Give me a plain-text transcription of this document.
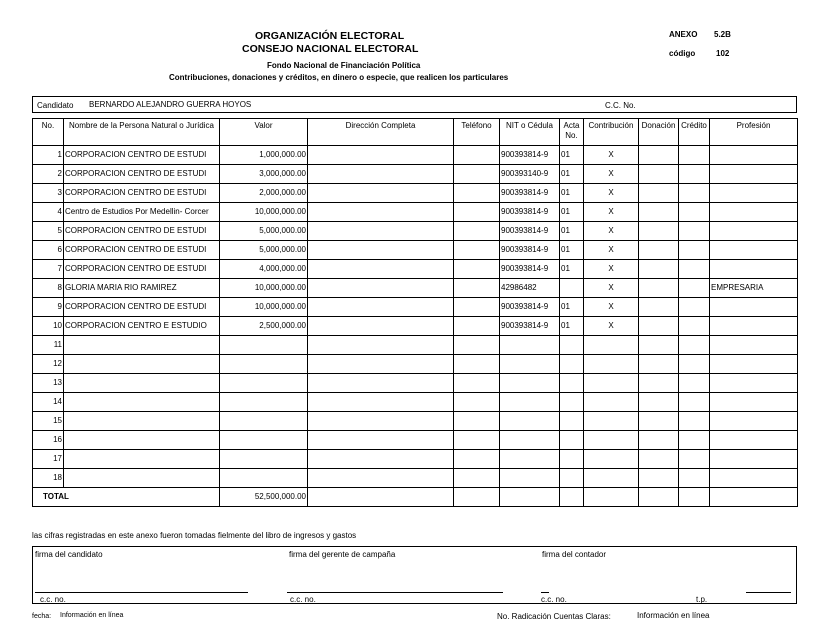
ORGANIZACIÓN ELECTORAL
CONSEJO NACIONAL ELECTORAL
Fondo Nacional de Financiación Política
Contribuciones, donaciones y créditos, en dinero o especie, que realicen los particulares
ANEXO 5.2B
código	102
Candidato BERNARDO ALEJANDRO GUERRA HOYOS	C.C. No.
No.	Nombre de la Persona Natural o Jurídica	Valor	Dirección Completa	Teléfono	NIT o Cédula	Acta No.	Contribución	Donación	Crédito	Profesión
1	CORPORACION CENTRO DE ESTUDI	1,000,000.00			900393814-9	01	X			
2	CORPORACION CENTRO DE ESTUDI	3,000,000.00			900393140-9	01	X			
3	CORPORACION CENTRO DE ESTUDI	2,000,000.00			900393814-9	01	X			
4	Centro de Estudios Por Medellin- Corcer	10,000,000.00			900393814-9	01	X			
5	CORPORACION CENTRO DE ESTUDI	5,000,000.00			900393814-9	01	X			
6	CORPORACION CENTRO DE ESTUDI	5,000,000.00			900393814-9	01	X			
7	CORPORACION CENTRO DE ESTUDI	4,000,000.00			900393814-9	01	X			
8	GLORIA MARIA RIO RAMIREZ	10,000,000.00			42986482		X			EMPRESARIA
9	CORPORACION CENTRO DE ESTUDI	10,000,000.00			900393814-9	01	X			
10	CORPORACION CENTRO E ESTUDIO	2,500,000.00			900393814-9	01	X			
11										
12										
13										
14										
15										
16										
17										
18										
TOTAL		52,500,000.00								
las cifras registradas en este anexo fueron tomadas fielmente del libro de ingresos y gastos
firma del candidato	firma del gerente de campaña	firma del contador
c.c. no.	c.c. no.	c.c. no.	t.p.
fecha: Información en línea	No. Radicación Cuentas Claras:	Información en línea
